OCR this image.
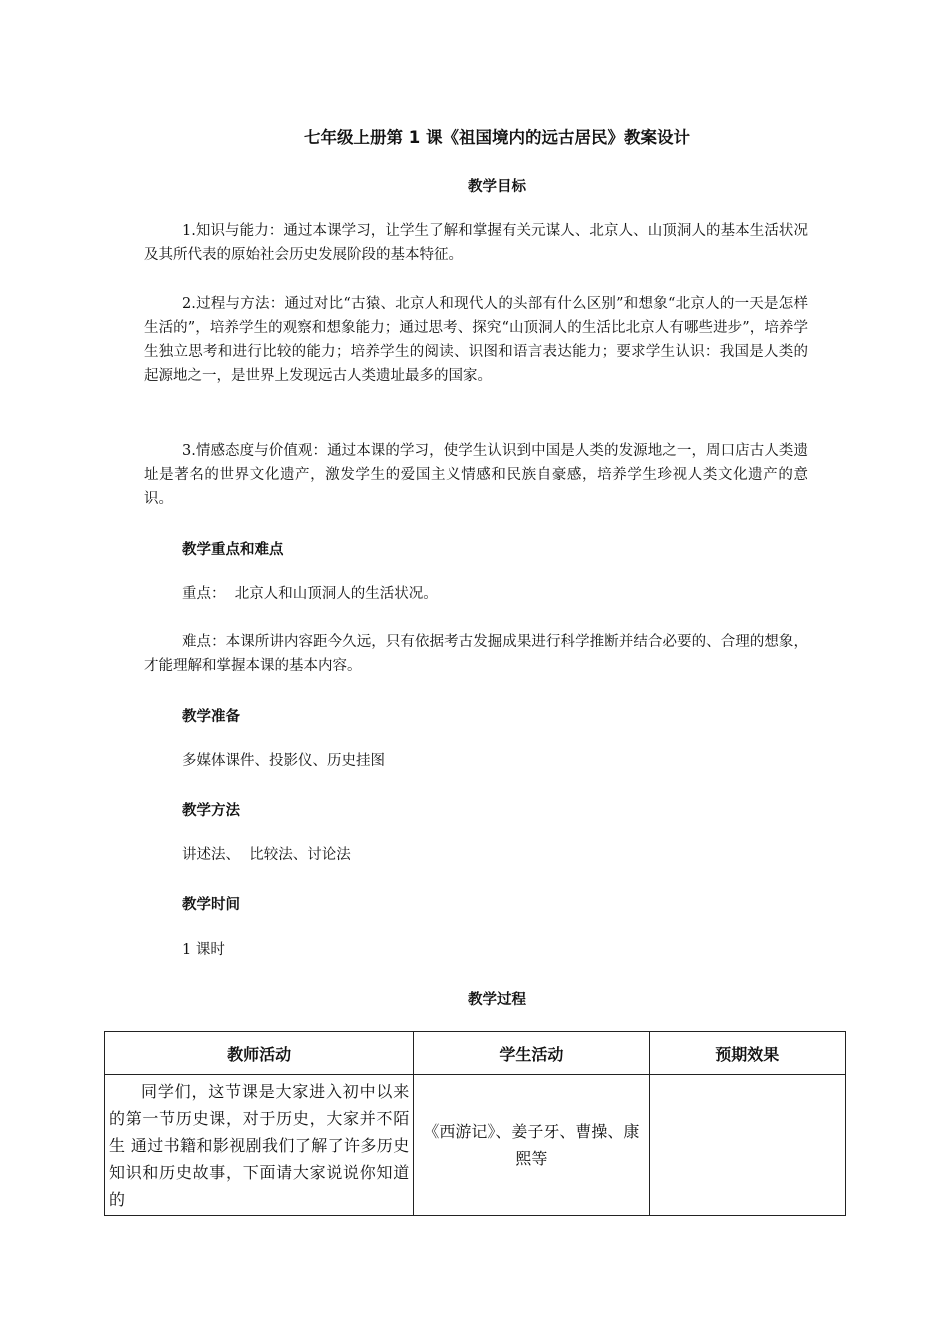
七年级上册第 1 课《祖国境内的远古居民》教案设计
教学目标
1.知识与能力：通过本课学习，让学生了解和掌握有关元谋人、北京人、山顶洞人的基本生活状况及其所代表的原始社会历史发展阶段的基本特征。
2.过程与方法：通过对比“古猿、北京人和现代人的头部有什么区别”和想象“北京人的一天是怎样生活的”，培养学生的观察和想象能力；通过思考、探究“山顶洞人的生活比北京人有哪些进步”，培养学生独立思考和进行比较的能力；培养学生的阅读、识图和语言表达能力；要求学生认识：我国是人类的起源地之一，是世界上发现远古人类遗址最多的国家。
3.情感态度与价值观：通过本课的学习，使学生认识到中国是人类的发源地之一，周口店古人类遗址是著名的世界文化遗产，激发学生的爱国主义情感和民族自豪感，培养学生珍视人类文化遗产的意识。
教学重点和难点
重点：  北京人和山顶洞人的生活状况。
难点：本课所讲内容距今久远，只有依据考古发掘成果进行科学推断并结合必要的、合理的想象，才能理解和掌握本课的基本内容。
教学准备
多媒体课件、投影仪、历史挂图
教学方法
讲述法、  比较法、讨论法
教学时间
1 课时
教学过程
教师活动	学生活动	预期效果
同学们，这节课是大家进入初中以来的第一节历史课，对于历史，大家并不陌生 通过书籍和影视剧我们了解了许多历史知识和历史故事，下面请大家说说你知道的	《西游记》、姜子牙、曹操、康熙等	
